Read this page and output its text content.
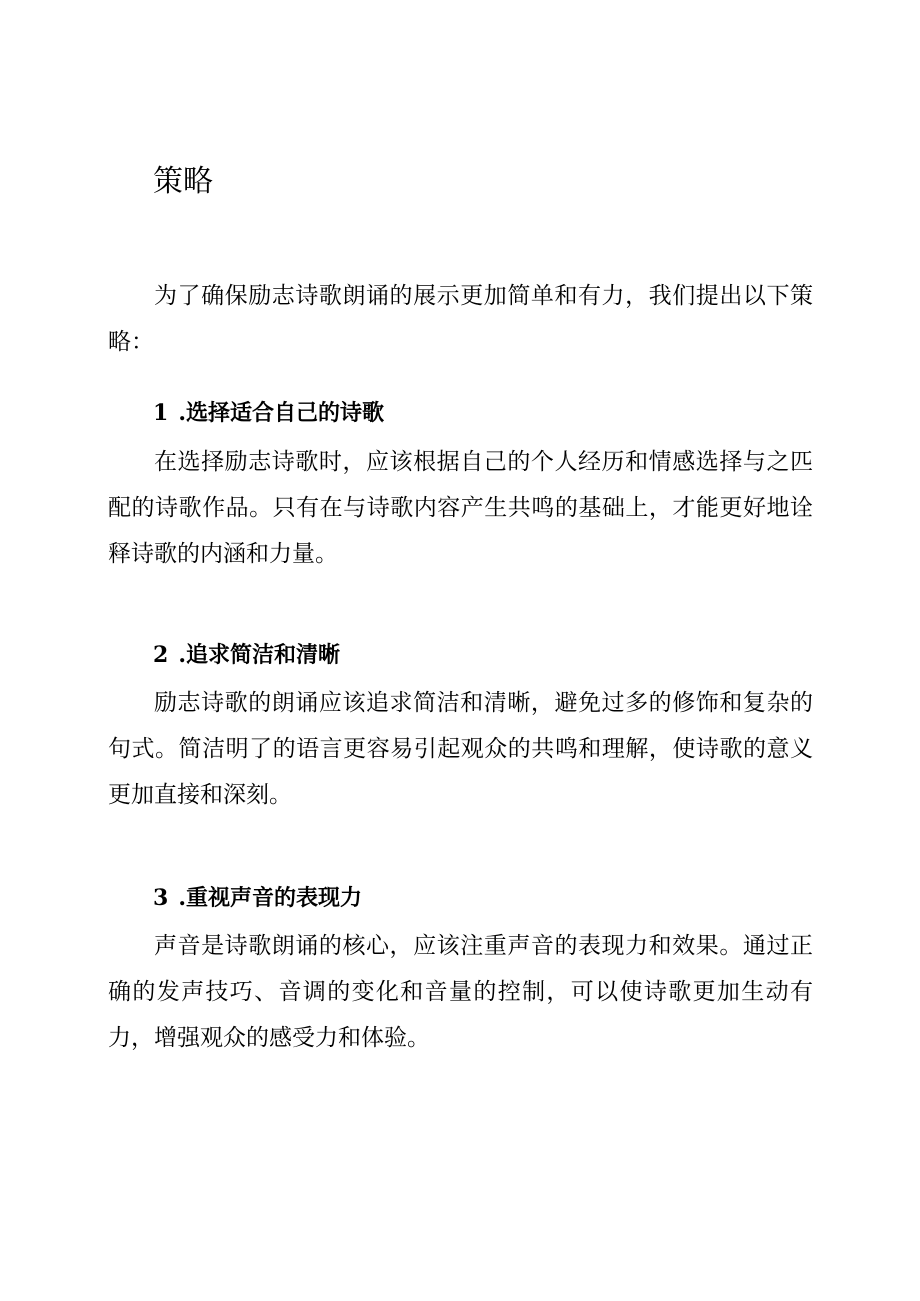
策略

为了确保励志诗歌朗诵的展示更加简单和有力，我们提出以下策略：

1 .选择适合自己的诗歌

在选择励志诗歌时，应该根据自己的个人经历和情感选择与之匹配的诗歌作品。只有在与诗歌内容产生共鸣的基础上，才能更好地诠释诗歌的内涵和力量。

2 .追求简洁和清晰

励志诗歌的朗诵应该追求简洁和清晰，避免过多的修饰和复杂的句式。简洁明了的语言更容易引起观众的共鸣和理解，使诗歌的意义更加直接和深刻。

3 .重视声音的表现力

声音是诗歌朗诵的核心，应该注重声音的表现力和效果。通过正确的发声技巧、音调的变化和音量的控制，可以使诗歌更加生动有力，增强观众的感受力和体验。
